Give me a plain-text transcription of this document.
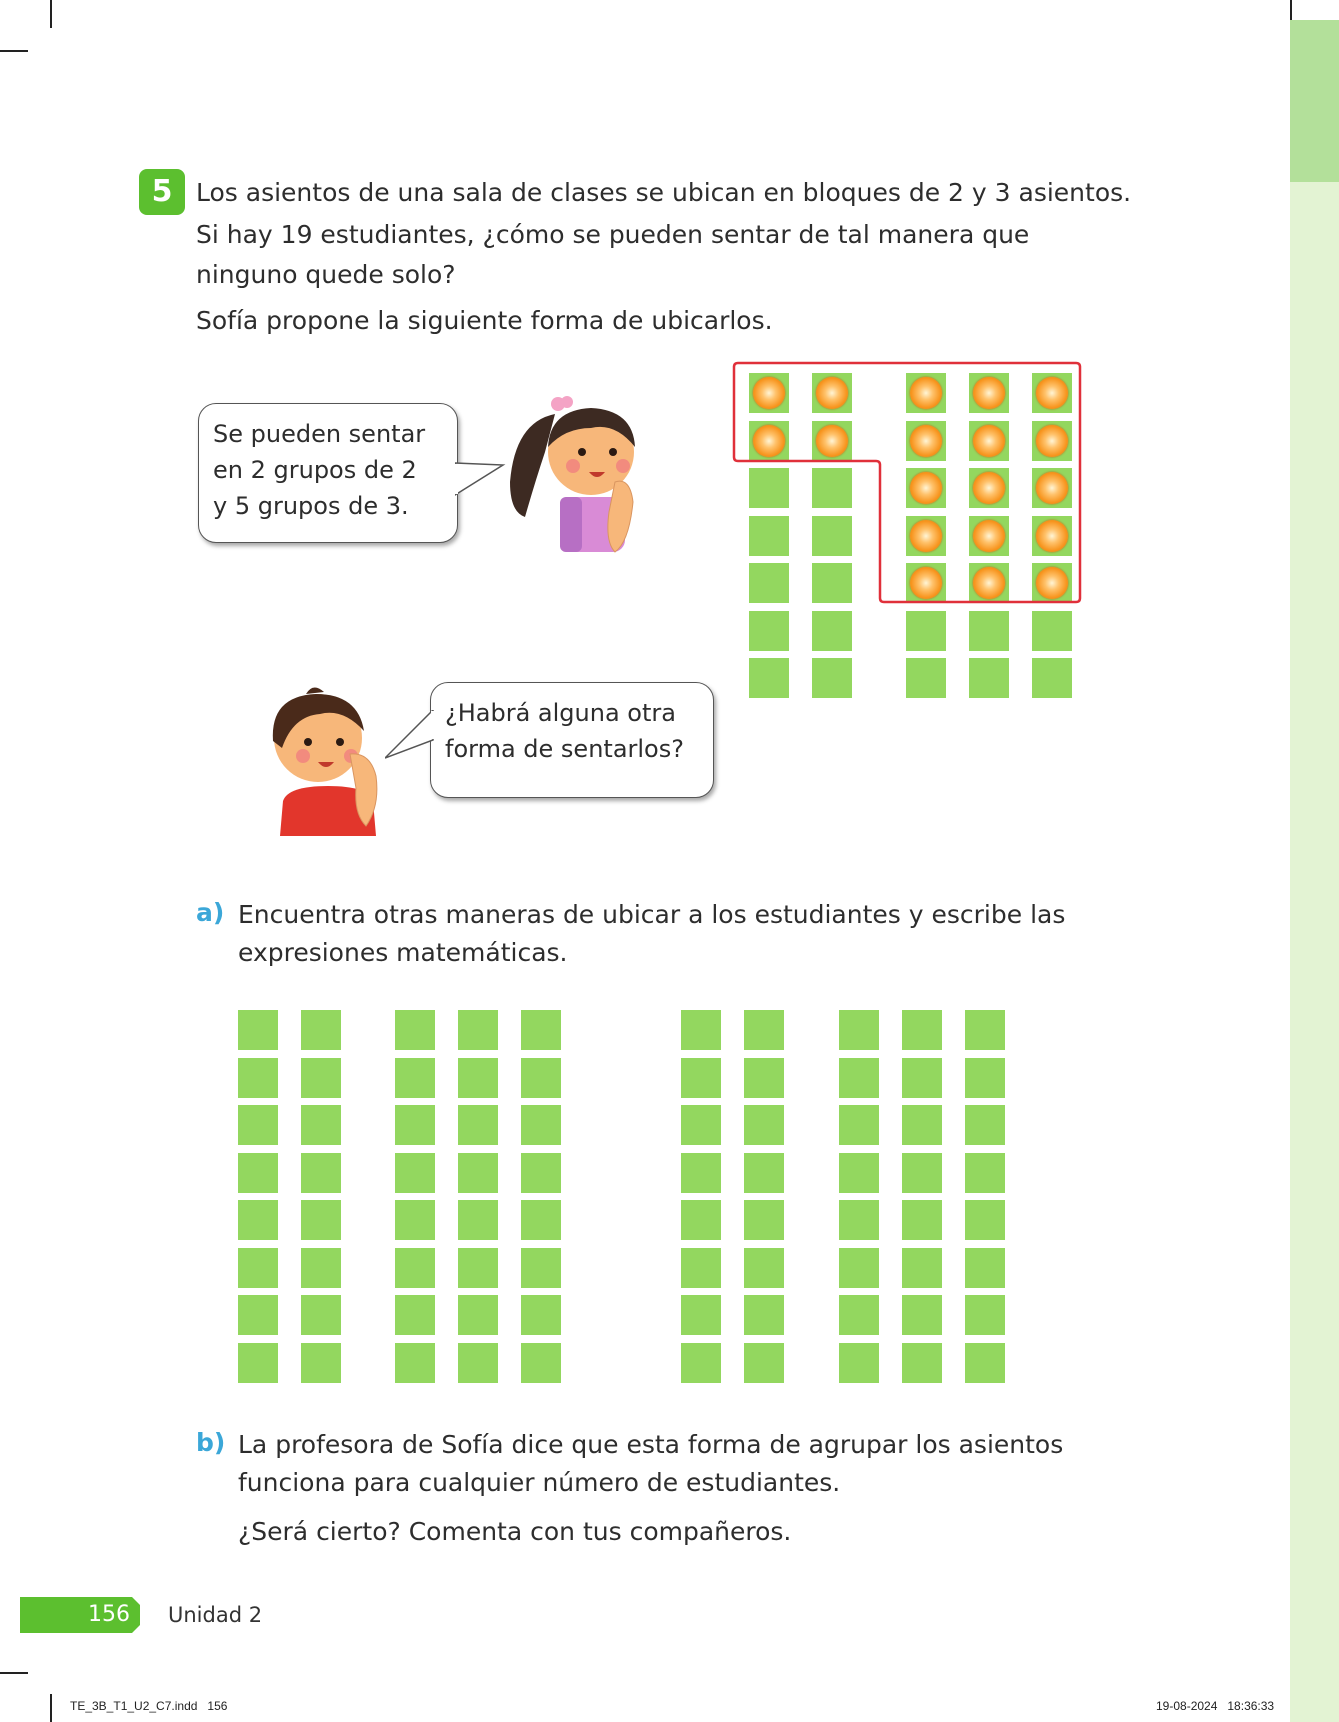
5 Los asientos de una sala de clases se ubican en bloques de 2 y 3 asientos.

Si hay 19 estudiantes, ¿cómo se pueden sentar de tal manera que

ninguno quede solo?

Sofía propone la siguiente forma de ubicarlos.

Se pueden sentar
en 2 grupos de 2
y 5 grupos de 3.
¿Habrá alguna otra
forma de sentarlos?
a) Encuentra otras maneras de ubicar a los estudiantes y escribe las

expresiones matemáticas.

b) La profesora de Sofía dice que esta forma de agrupar los asientos

funciona para cualquier número de estudiantes.

¿Será cierto? Comenta con tus compañeros.

156 Unidad 2
TE_3B_T1_U2_C7.indd   156	19-08-2024   18:36:33
